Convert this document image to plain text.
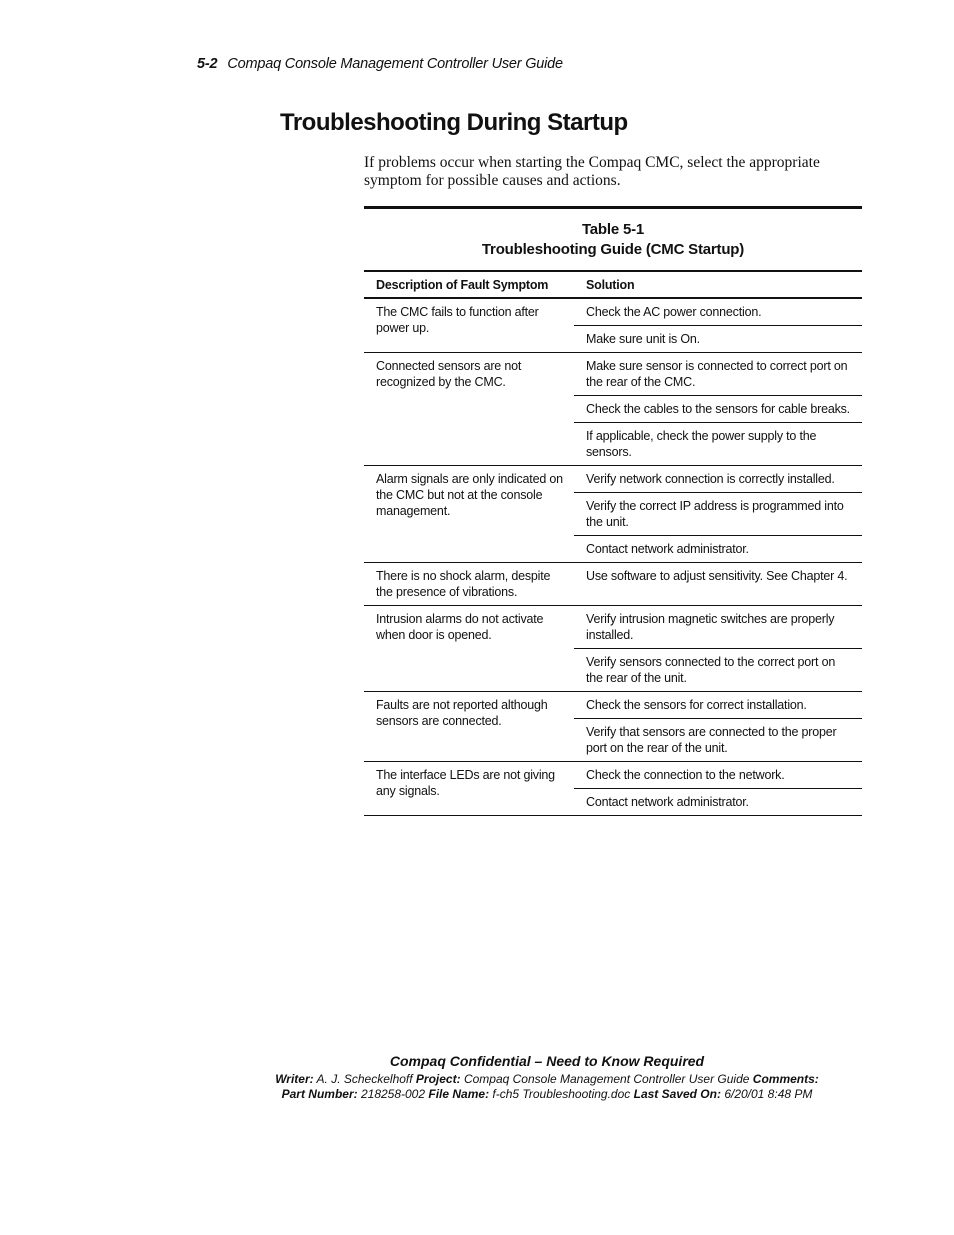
5-2 Compaq Console Management Controller User Guide
Troubleshooting During Startup

If problems occur when starting the Compaq CMC, select the appropriate symptom for possible causes and actions.

Table 5-1
Troubleshooting Guide (CMC Startup)
Description of Fault Symptom	Solution
The CMC fails to function after power up.	Check the AC power connection.
	Make sure unit is On.
Connected sensors are not recognized by the CMC.	Make sure sensor is connected to correct port on the rear of the CMC.
	Check the cables to the sensors for cable breaks.
	If applicable, check the power supply to the sensors.
Alarm signals are only indicated on the CMC but not at the console management.	Verify network connection is correctly installed.
	Verify the correct IP address is programmed into the unit.
	Contact network administrator.
There is no shock alarm, despite the presence of vibrations.	Use software to adjust sensitivity. See Chapter 4.
Intrusion alarms do not activate when door is opened.	Verify intrusion magnetic switches are properly installed.
	Verify sensors connected to the correct port on the rear of the unit.
Faults are not reported although sensors are connected.	Check the sensors for correct installation.
	Verify that sensors are connected to the proper port on the rear of the unit.
The interface LEDs are not giving any signals.	Check the connection to the network.
	Contact network administrator.
Compaq Confidential – Need to Know Required
Writer: A. J. Scheckelhoff Project: Compaq Console Management Controller User Guide Comments:
Part Number: 218258-002 File Name: f-ch5 Troubleshooting.doc Last Saved On: 6/20/01 8:48 PM
